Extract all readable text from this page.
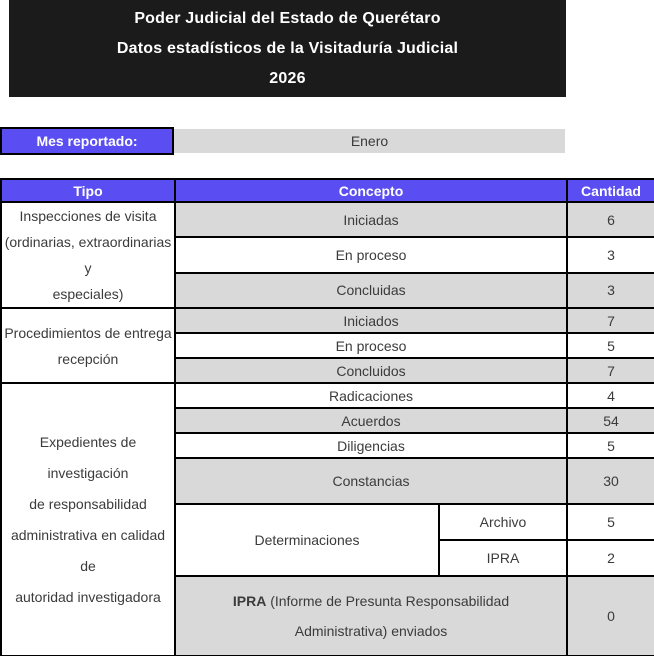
Poder Judicial del Estado de Querétaro
Datos estadísticos de la Visitaduría Judicial
2026
Mes reportado:	Enero
Tipo	Concepto		Cantidad

Inspecciones de visita
(ordinarias, extraordinarias y
especiales)	Iniciadas		6
	En proceso		3
	Concluidas		3

Procedimientos de entrega
recepción	Iniciados		7
	En proceso		5
	Concluidos		7

Expedientes de investigación
de responsabilidad
administrativa en calidad de
autoridad investigadora	Radicaciones		4
	Acuerdos		54
	Diligencias		5
	Constancias		30
	Determinaciones	Archivo	5
		IPRA	2

	IPRA (Informe de Presunta Responsabilidad
Administrativa) enviados		0
